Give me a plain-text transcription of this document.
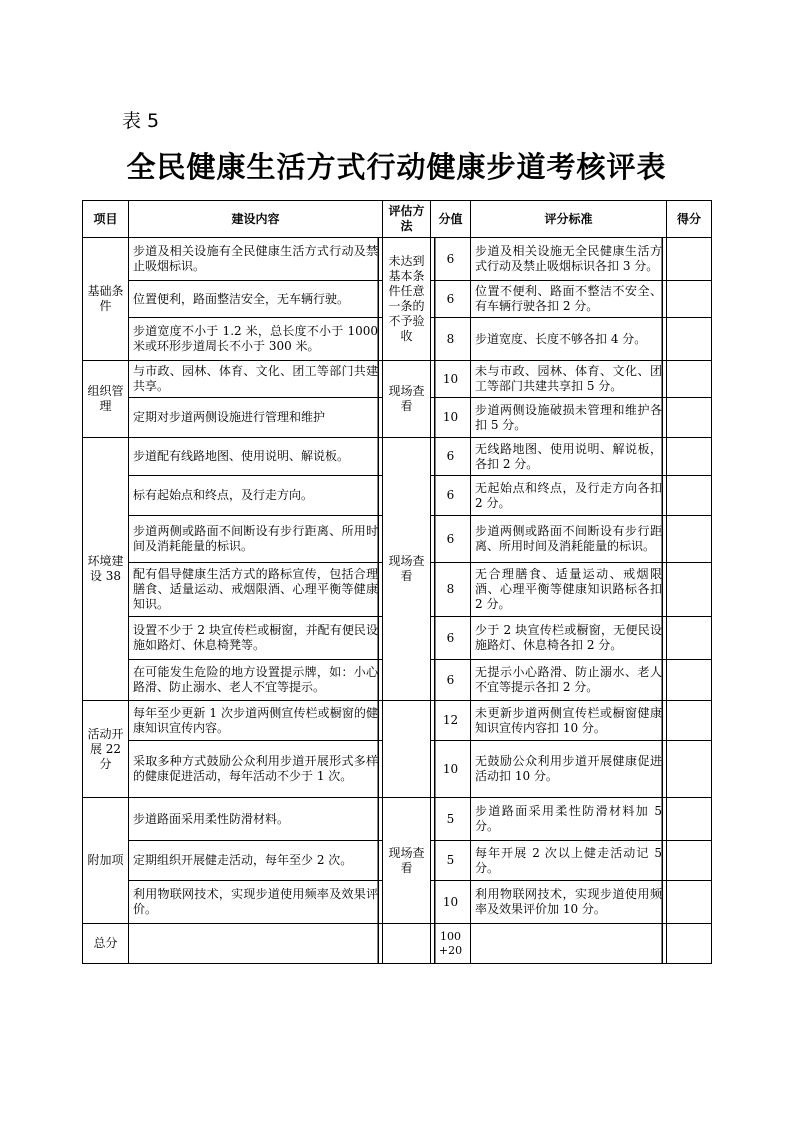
表 5
全民健康生活方式行动健康步道考核评表
项目	建设内容	评估方法	分值	评分标准	得分
基础条件	步道及相关设施有全民健康生活方式行动及禁止吸烟标识。	未达到基本条件任意一条的不予验收	6	步道及相关设施无全民健康生活方式行动及禁止吸烟标识各扣 3 分。	
	位置便利，路面整洁安全，无车辆行驶。		6	位置不便利、路面不整洁不安全、有车辆行驶各扣 2 分。	
	步道宽度不小于 1.2 米，总长度不小于 1000 米或环形步道周长不小于 300 米。		8	步道宽度、长度不够各扣 4 分。	
组织管理	与市政、园林、体育、文化、团工等部门共建共享。	现场查看	10	未与市政、园林、体育、文化、团工等部门共建共享扣 5 分。	
	定期对步道两侧设施进行管理和维护		10	步道两侧设施破损未管理和维护各扣 5 分。	
环境建设 38	步道配有线路地图、使用说明、解说板。	现场查看	6	无线路地图、使用说明、解说板，各扣 2 分。	
	标有起始点和终点，及行走方向。		6	无起始点和终点，及行走方向各扣 2 分。	
	步道两侧或路面不间断设有步行距离、所用时间及消耗能量的标识。		6	步道两侧或路面不间断设有步行距离、所用时间及消耗能量的标识。	
	配有倡导健康生活方式的路标宣传，包括合理膳食、适量运动、戒烟限酒、心理平衡等健康知识。		8	无合理膳食、适量运动、戒烟限酒、心理平衡等健康知识路标各扣 2 分。	
	设置不少于 2 块宣传栏或橱窗，并配有便民设施如路灯、休息椅凳等。		6	少于 2 块宣传栏或橱窗，无便民设施路灯、休息椅各扣 2 分。	
	在可能发生危险的地方设置提示牌，如：小心路滑、防止溺水、老人不宜等提示。		6	无提示小心路滑、防止溺水、老人不宜等提示各扣 2 分。	
活动开展 22 分	每年至少更新 1 次步道两侧宣传栏或橱窗的健康知识宣传内容。		12	未更新步道两侧宣传栏或橱窗健康知识宣传内容扣 10 分。	
	采取多种方式鼓励公众利用步道开展形式多样的健康促进活动，每年活动不少于 1 次。		10	无鼓励公众利用步道开展健康促进活动扣 10 分。	
附加项	步道路面采用柔性防滑材料。	现场查看	5	步道路面采用柔性防滑材料加 5 分。	
	定期组织开展健走活动，每年至少 2 次。		5	每年开展 2 次以上健走活动记 5 分。	
	利用物联网技术，实现步道使用频率及效果评价。		10	利用物联网技术，实现步道使用频率及效果评价加 10 分。	
总分			100 +20		
